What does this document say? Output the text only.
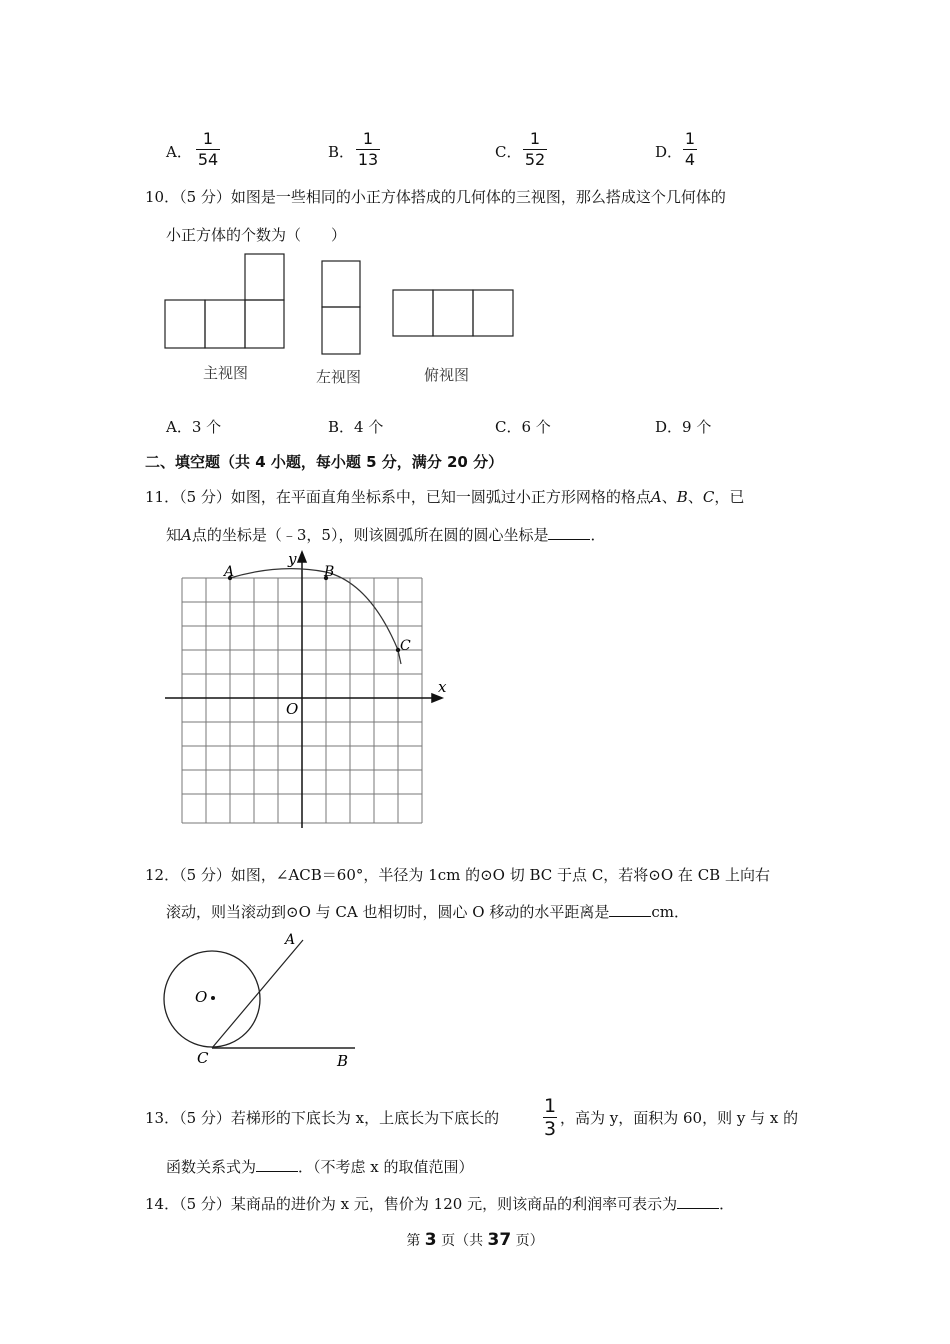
A．
1
54	B．
1
13	C．
1
52	D．
1
4
10．（5 分）如图是一些相同的小正方体搭成的几何体的三视图，那么搭成这个几何体的
小正方体的个数为（　　）
主视图	左视图	俯视图
A．3 个	B．4 个	C．6 个	D．9 个
二、填空题（共 4 小题，每小题 5 分，满分 20 分）
11．（5 分）如图，在平面直角坐标系中，已知一圆弧过小正方形网格的格点A、B、C，已
知A点的坐标是（﹣3，5），则该圆弧所在圆的圆心坐标是	．
y
x
O
A	B
C
12．（5 分）如图，∠ACB＝60°，半径为 1cm 的⊙O 切 BC 于点 C，若将⊙O 在 CB 上向右
滚动，则当滚动到⊙O 与 CA 也相切时，圆心 O 移动的水平距离是	cm．
A
O
C	B
13．（5 分）若梯形的下底长为 x，上底长为下底长的
1
3 ，高为 y，面积为 60，则 y 与 x 的
函数关系式为	．（不考虑 x 的取值范围）
14．（5 分）某商品的进价为 x 元，售价为 120 元，则该商品的利润率可表示为	．
第 3 页（共 37 页）
